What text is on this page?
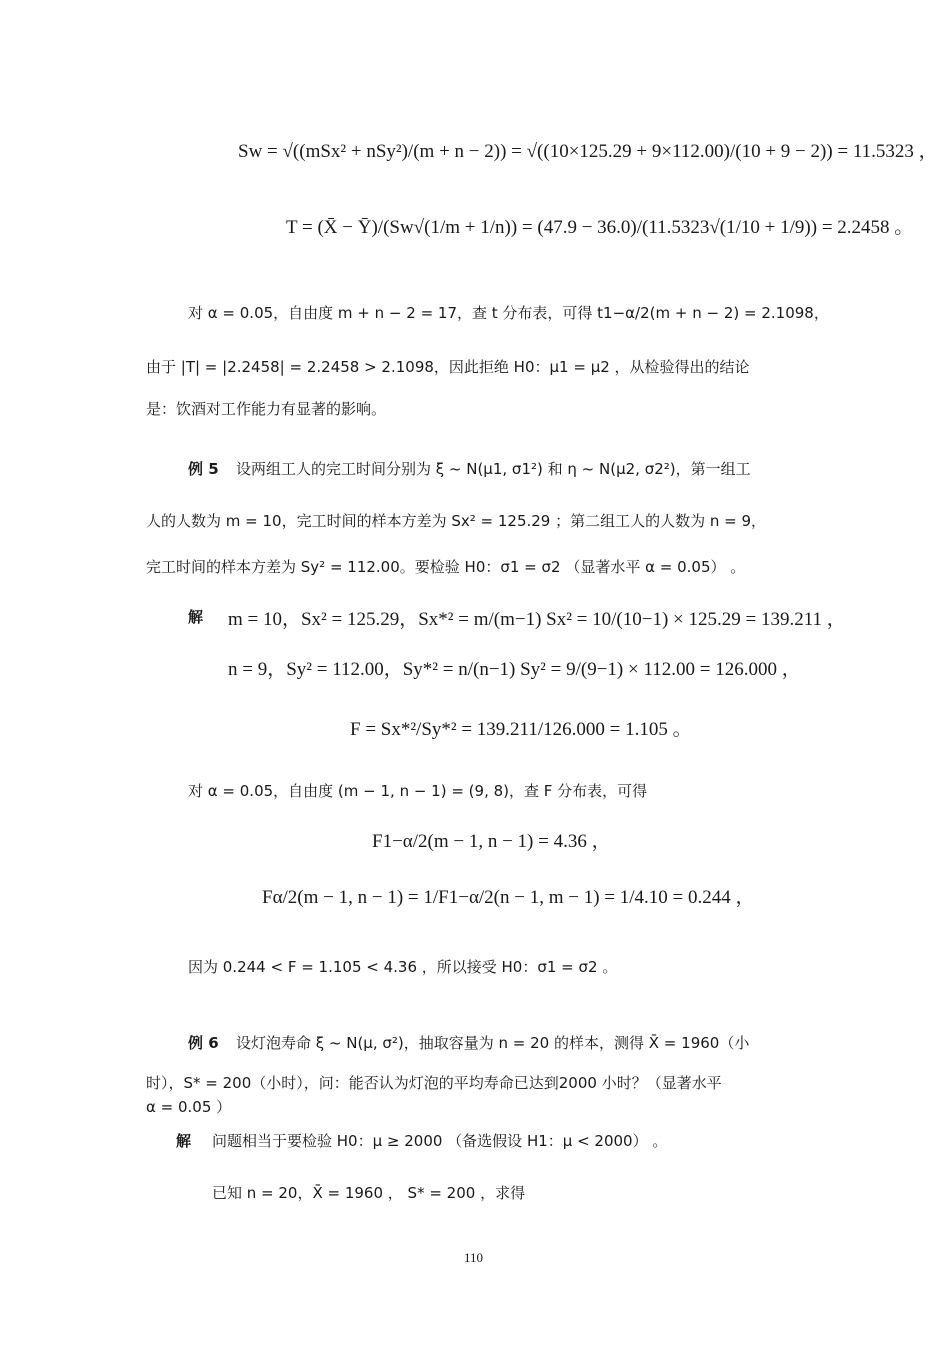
Sw = √((mSx² + nSy²)/(m + n − 2)) = √((10×125.29 + 9×112.00)/(10 + 9 − 2)) = 11.5323 ，
T = (X̄ − Ȳ)/(Sw√(1/m + 1/n)) = (47.9 − 36.0)/(11.5323√(1/10 + 1/9)) = 2.2458 。
对 α = 0.05，自由度 m + n − 2 = 17，查 t 分布表，可得 t1−α/2(m + n − 2) = 2.1098，
由于 |T| = |2.2458| = 2.2458 > 2.1098，因此拒绝 H0：μ1 = μ2 ，从检验得出的结论
是：饮酒对工作能力有显著的影响。
例 5 设两组工人的完工时间分别为 ξ ~ N(μ1, σ1²) 和 η ~ N(μ2, σ2²)，第一组工
人的人数为 m = 10，完工时间的样本方差为 Sx² = 125.29 ；第二组工人的人数为 n = 9，
完工时间的样本方差为 Sy² = 112.00。要检验 H0：σ1 = σ2 （显著水平 α = 0.05） 。
解 m = 10，Sx² = 125.29，Sx*² = m/(m−1) Sx² = 10/(10−1) × 125.29 = 139.211 ，
n = 9，Sy² = 112.00，Sy*² = n/(n−1) Sy² = 9/(9−1) × 112.00 = 126.000 ，
F = Sx*²/Sy*² = 139.211/126.000 = 1.105 。
对 α = 0.05，自由度 (m − 1, n − 1) = (9, 8)，查 F 分布表，可得
F1−α/2(m − 1, n − 1) = 4.36 ，
Fα/2(m − 1, n − 1) = 1/F1−α/2(n − 1, m − 1) = 1/4.10 = 0.244 ，
因为 0.244 < F = 1.105 < 4.36 ，所以接受 H0：σ1 = σ2 。
例 6 设灯泡寿命 ξ ~ N(μ, σ²)，抽取容量为 n = 20 的样本，测得 X̄ = 1960（小
时），S* = 200（小时），问：能否认为灯泡的平均寿命已达到2000 小时？（显著水平
α = 0.05 ）
解 问题相当于要检验 H0：μ ≥ 2000 （备选假设 H1：μ < 2000） 。
已知 n = 20，X̄ = 1960 ， S* = 200 ，求得
110
